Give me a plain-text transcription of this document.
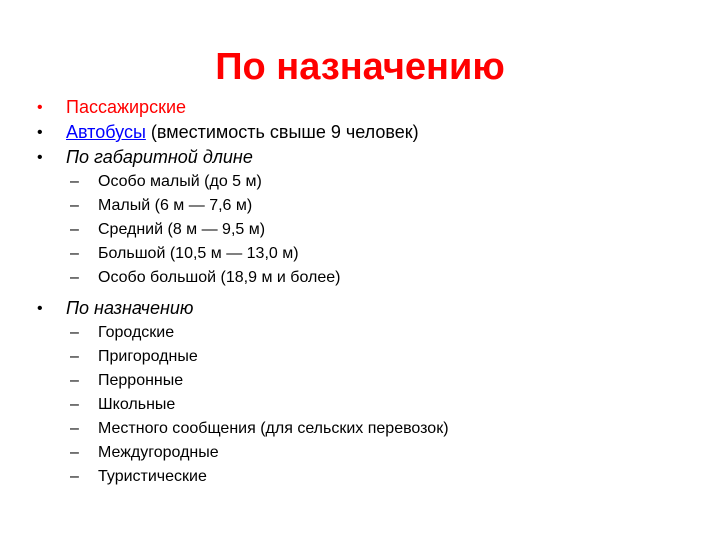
По назначению
• Пассажирские
• Автобусы (вместимость свыше 9 человек)
• По габаритной длине
– Особо малый (до 5 м)
– Малый (6 м — 7,6 м)
– Средний (8 м — 9,5 м)
– Большой (10,5 м — 13,0 м)
– Особо большой (18,9 м и более)
• По назначению
– Городские
– Пригородные
– Перронные
– Школьные
– Местного сообщения (для сельских перевозок)
– Междугородные
– Туристические
